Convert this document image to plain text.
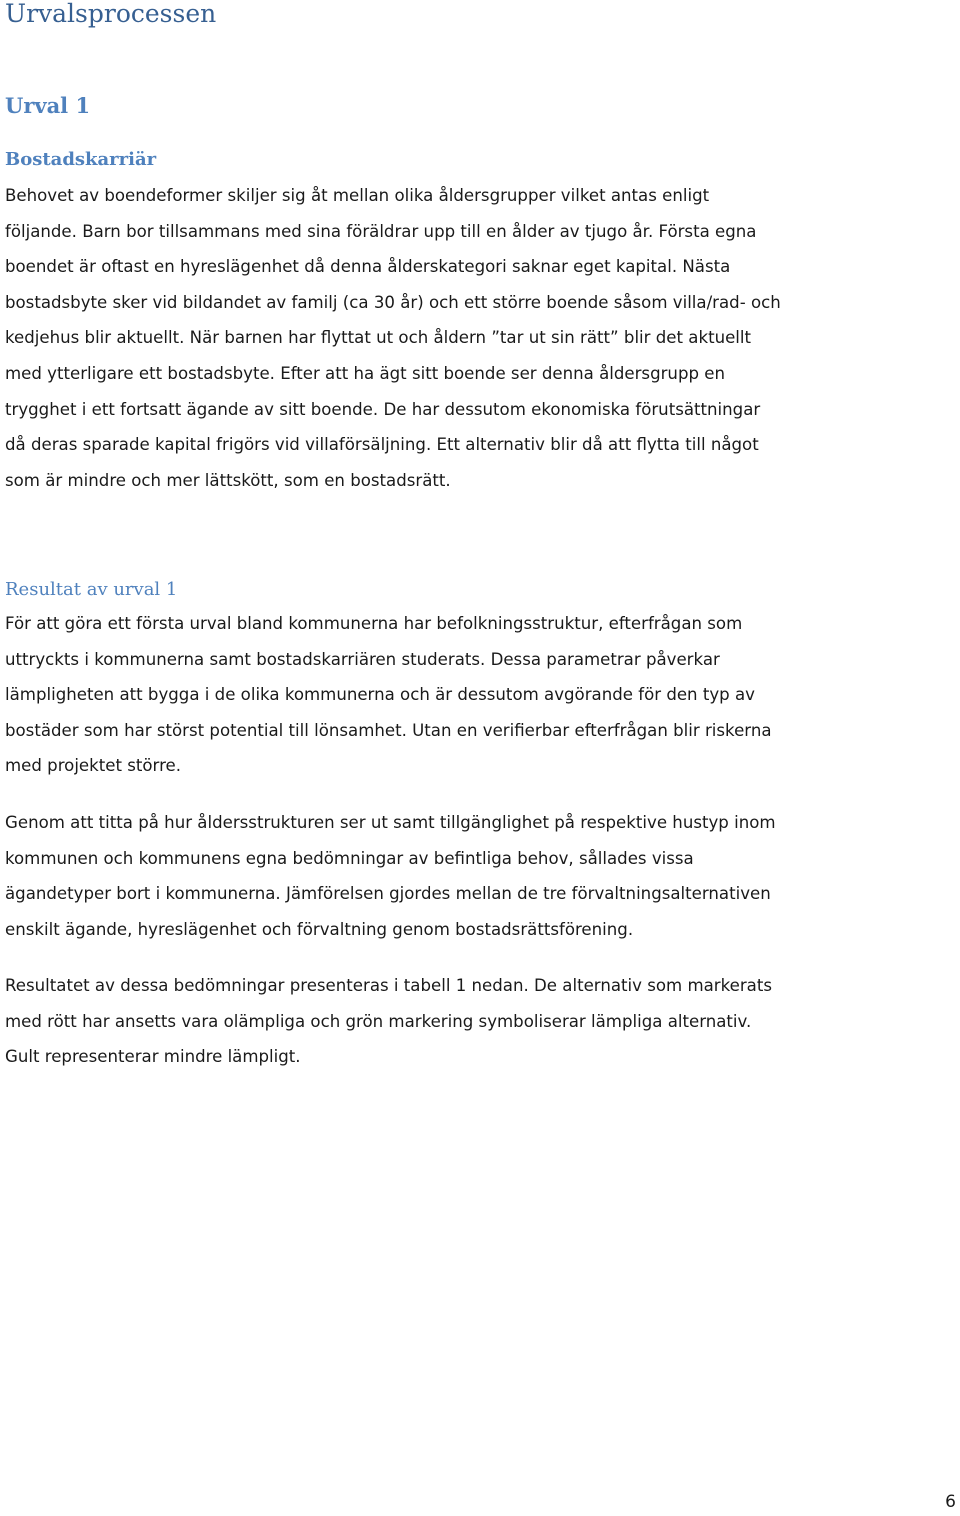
Urvalsprocessen
Urval 1
Bostadskarriär
Behovet av boendeformer skiljer sig åt mellan olika åldersgrupper vilket antas enligt
följande. Barn bor tillsammans med sina föräldrar upp till en ålder av tjugo år. Första egna
boendet är oftast en hyreslägenhet då denna ålderskategori saknar eget kapital. Nästa
bostadsbyte sker vid bildandet av familj (ca 30 år) och ett större boende såsom villa/rad- och
kedjehus blir aktuellt. När barnen har flyttat ut och åldern ”tar ut sin rätt” blir det aktuellt
med ytterligare ett bostadsbyte. Efter att ha ägt sitt boende ser denna åldersgrupp en
trygghet i ett fortsatt ägande av sitt boende. De har dessutom ekonomiska förutsättningar
då deras sparade kapital frigörs vid villaförsäljning. Ett alternativ blir då att flytta till något
som är mindre och mer lättskött, som en bostadsrätt.
Resultat av urval 1
För att göra ett första urval bland kommunerna har befolkningsstruktur, efterfrågan som
uttryckts i kommunerna samt bostadskarriären studerats. Dessa parametrar påverkar
lämpligheten att bygga i de olika kommunerna och är dessutom avgörande för den typ av
bostäder som har störst potential till lönsamhet. Utan en verifierbar efterfrågan blir riskerna
med projektet större.
Genom att titta på hur åldersstrukturen ser ut samt tillgänglighet på respektive hustyp inom
kommunen och kommunens egna bedömningar av befintliga behov, sållades vissa
ägandetyper bort i kommunerna. Jämförelsen gjordes mellan de tre förvaltningsalternativen
enskilt ägande, hyreslägenhet och förvaltning genom bostadsrättsförening.
Resultatet av dessa bedömningar presenteras i tabell 1 nedan. De alternativ som markerats
med rött har ansetts vara olämpliga och grön markering symboliserar lämpliga alternativ.
Gult representerar mindre lämpligt.
6
